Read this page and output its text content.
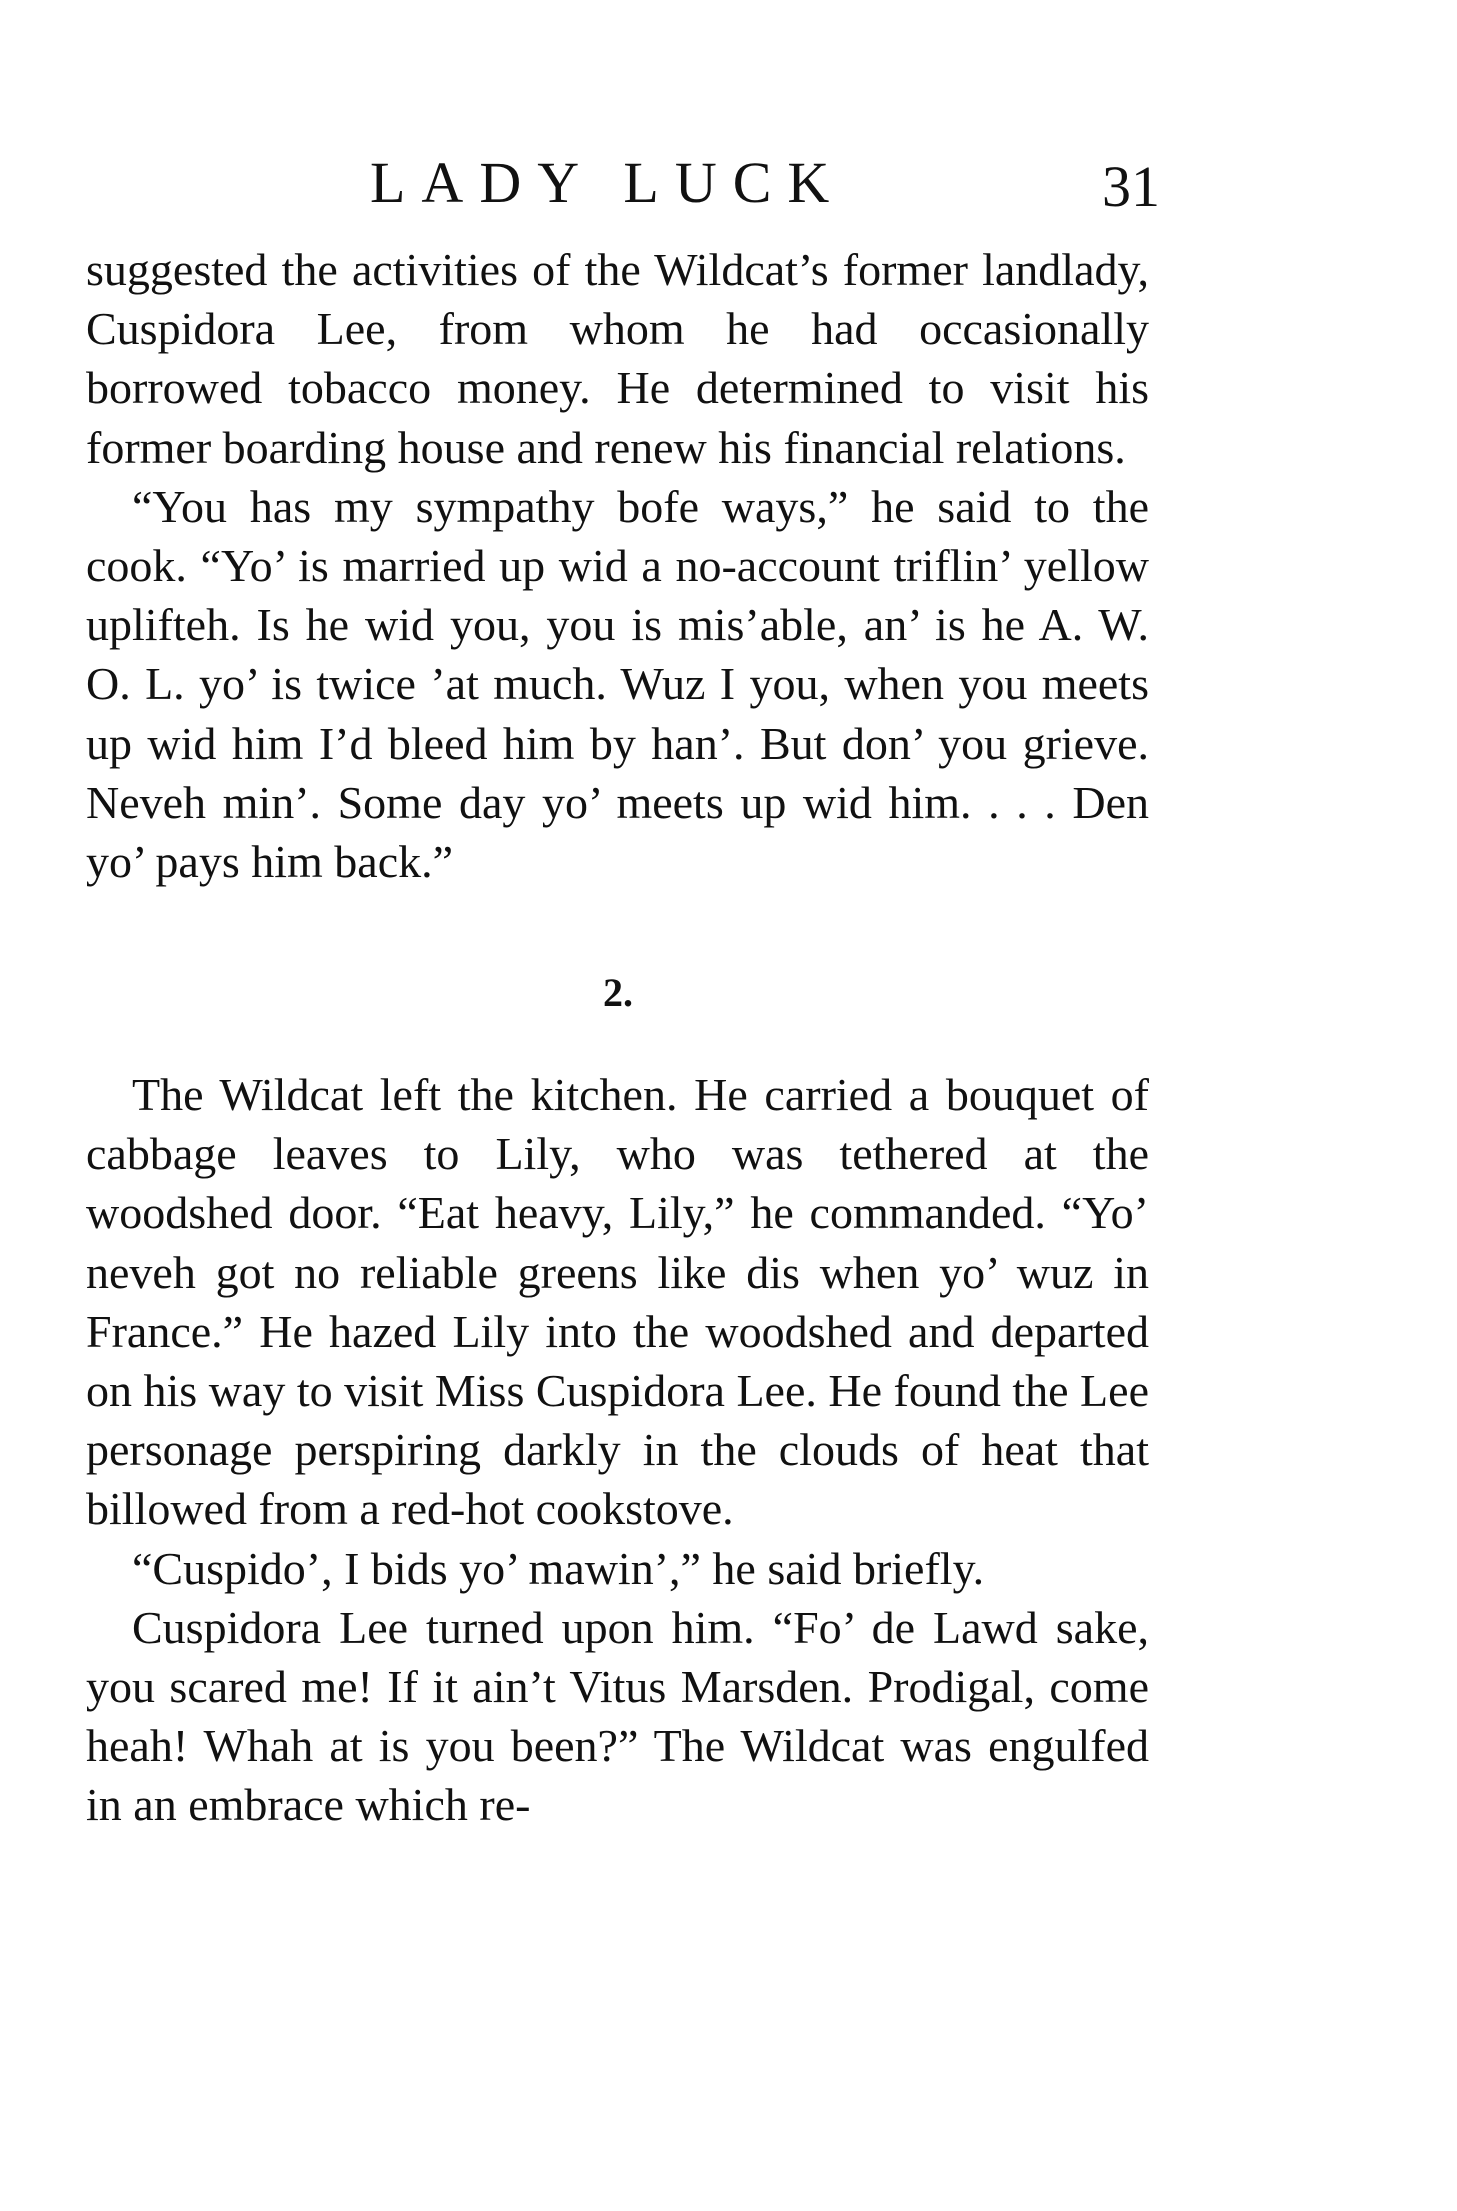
LADY LUCK	31

suggested the activities of the Wildcat’s former landlady, Cuspidora Lee, from whom he had occasionally borrowed tobacco money. He determined to visit his former boarding house and renew his financial relations.

“You has my sympathy bofe ways,” he said to the cook. “Yo’ is married up wid a no-account triflin’ yellow uplifteh. Is he wid you, you is mis’able, an’ is he A. W. O. L. yo’ is twice ’at much. Wuz I you, when you meets up wid him I’d bleed him by han’. But don’ you grieve. Neveh min’. Some day yo’ meets up wid him. . . . Den yo’ pays him back.”

2.

The Wildcat left the kitchen. He carried a bouquet of cabbage leaves to Lily, who was tethered at the woodshed door. “Eat heavy, Lily,” he commanded. “Yo’ neveh got no reliable greens like dis when yo’ wuz in France.” He hazed Lily into the woodshed and departed on his way to visit Miss Cuspidora Lee. He found the Lee personage perspiring darkly in the clouds of heat that billowed from a red-hot cookstove.

“Cuspido’, I bids yo’ mawin’,” he said briefly.

Cuspidora Lee turned upon him. “Fo’ de Lawd sake, you scared me! If it ain’t Vitus Marsden. Prodigal, come heah! Whah at is you been?” The Wildcat was engulfed in an embrace which re-
